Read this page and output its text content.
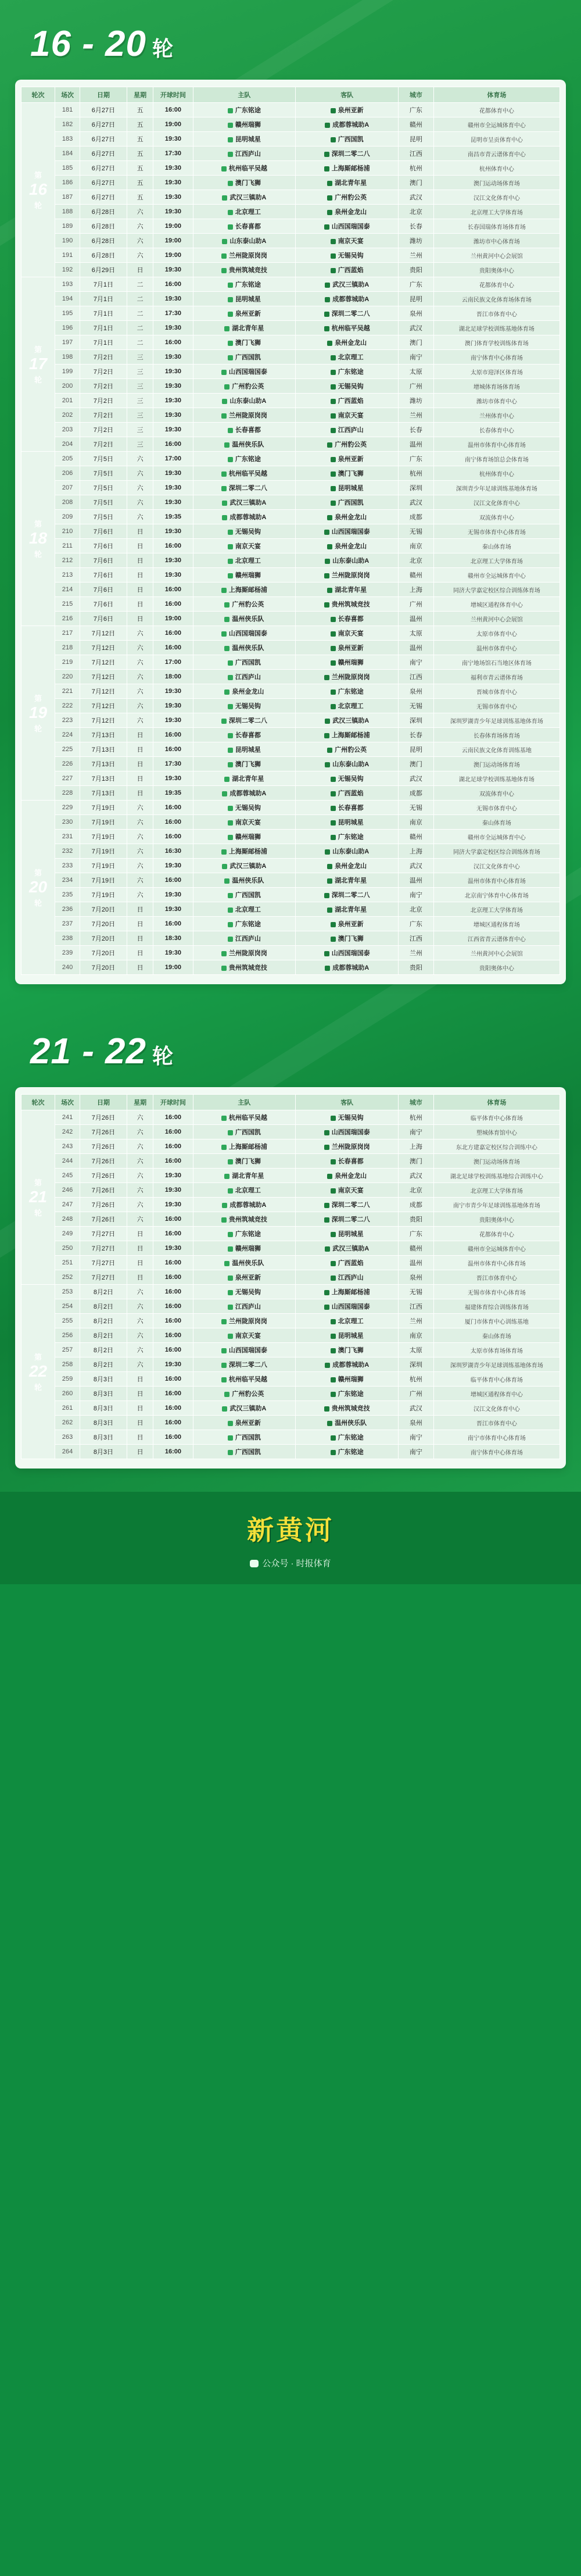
16 - 20 轮
轮次	场次	日期	星期	开球时间	主队	客队	城市	体育场
第
16
轮	181	6月27日	五	16:00	广东铭途	泉州亚新	广东	花都体育中心
	182	6月27日	五	19:00	赣州瑞狮	成都蓉城助A	赣州	赣州市全运城体育中心
	183	6月27日	五	19:30	昆明城星	广西国凯	昆明	昆明市呈贡体育中心
	184	6月27日	五	17:30	江西庐山	深圳二零二八	江西	南昌市青云谱体育中心
	185	6月27日	五	19:30	杭州临平吴越	上海厮邮杨浦	杭州	杭州体育中心
	186	6月27日	五	19:30	澳门飞狮	湖北青年星	澳门	澳门运动场体育场
	187	6月27日	五	19:30	武汉三镇助A	广州豹公英	武汉	汉江文化体育中心
	188	6月28日	六	19:30	北京理工	泉州金龙山	北京	北京理工大学体育场
	189	6月28日	六	19:00	长春喜都	山西国瑞国泰	长春	长春国瑞体育场体育场
	190	6月28日	六	19:00	山东泰山助A	南京天宴	潍坊	潍坊市中心体育场
	191	6月28日	六	19:00	兰州陇原岗岗	无锡吴钩	兰州	兰州黄河中心会展馆
	192	6月29日	日	19:30	贵州筑城竞技	广西蓝焰	贵阳	贵阳奥体中心
第
17
轮	193	7月1日	二	16:00	广东铭途	武汉三镇助A	广东	花都体育中心
	194	7月1日	二	19:30	昆明城星	成都蓉城助A	昆明	云南民族文化体育场体育场
	195	7月1日	二	17:30	泉州亚新	深圳二零二八	泉州	晋江市体育中心
	196	7月1日	二	19:30	湖北青年星	杭州临平吴越	武汉	湖北足球学校训练基地体育场
	197	7月1日	二	16:00	澳门飞狮	泉州金龙山	澳门	澳门体育学校训练体育场
	198	7月2日	三	19:30	广西国凯	北京理工	南宁	南宁体育中心体育场
	199	7月2日	三	19:30	山西国瑞国泰	广东铭途	太原	太原市迎泽区体育场
	200	7月2日	三	19:30	广州豹公英	无锡吴钩	广州	增城体育场体育场
	201	7月2日	三	19:30	山东泰山助A	广西蓝焰	潍坊	潍坊市体育中心
	202	7月2日	三	19:30	兰州陇原岗岗	南京天宴	兰州	兰州体育中心
	203	7月2日	三	19:30	长春喜都	江西庐山	长春	长春体育中心
	204	7月2日	三	16:00	温州侠乐队	广州豹公英	温州	温州市体育中心体育场
第
18
轮	205	7月5日	六	17:00	广东铭途	泉州亚新	广东	南宁体育场馆总会体育场
	206	7月5日	六	19:30	杭州临平吴越	澳门飞狮	杭州	杭州体育中心
	207	7月5日	六	19:30	深圳二零二八	昆明城星	深圳	深圳青少年足球训练基地体育场
	208	7月5日	六	19:30	武汉三镇助A	广西国凯	武汉	汉江文化体育中心
	209	7月5日	六	19:35	成都蓉城助A	泉州金龙山	成都	双流体育中心
	210	7月6日	日	19:30	无锡吴钩	山西国瑞国泰	无锡	无锡市体育中心体育场
	211	7月6日	日	16:00	南京天宴	泉州金龙山	南京	秦山体育场
	212	7月6日	日	19:30	北京理工	山东泰山助A	北京	北京理工大学体育场
	213	7月6日	日	19:30	赣州瑞狮	兰州陇原岗岗	赣州	赣州市全运城体育中心
	214	7月6日	日	16:00	上海厮邮杨浦	湖北青年星	上海	同济大学嘉定校区综合训练体育场
	215	7月6日	日	16:00	广州豹公英	贵州筑城竞技	广州	增城区通程体育中心
	216	7月6日	日	19:00	温州侠乐队	长春喜都	温州	兰州黄河中心会展馆
第
19
轮	217	7月12日	六	16:00	山西国瑞国泰	南京天宴	太原	太原市体育中心
	218	7月12日	六	16:00	温州侠乐队	泉州亚新	温州	温州市体育中心
	219	7月12日	六	17:00	广西国凯	赣州瑞狮	南宁	南宁地场馆石当地区体育场
	220	7月12日	六	18:00	江西庐山	兰州陇原岗岗	江西	福利市青云谱体育场
	221	7月12日	六	19:30	泉州金龙山	广东铭途	泉州	晋城市体育中心
	222	7月12日	六	19:30	无锡吴钩	北京理工	无锡	无锡市体育中心
	223	7月12日	六	19:30	深圳二零二八	武汉三镇助A	深圳	深圳罗湖青少年足球训练基地体育场
	224	7月13日	日	16:00	长春喜都	上海厮邮杨浦	长春	长春体育场体育场
	225	7月13日	日	16:00	昆明城星	广州豹公英	昆明	云南民族文化体育训练基地
	226	7月13日	日	17:30	澳门飞狮	山东泰山助A	澳门	澳门运动场体育场
	227	7月13日	日	19:30	湖北青年星	无锡吴钩	武汉	湖北足球学校训练基地体育场
	228	7月13日	日	19:35	成都蓉城助A	广西蓝焰	成都	双流体育中心
第
20
轮	229	7月19日	六	16:00	无锡吴钩	长春喜都	无锡	无锡市体育中心
	230	7月19日	六	16:00	南京天宴	昆明城星	南京	秦山体育场
	231	7月19日	六	16:00	赣州瑞狮	广东铭途	赣州	赣州市全运城体育中心
	232	7月19日	六	16:30	上海厮邮杨浦	山东泰山助A	上海	同济大学嘉定校区综合训练体育场
	233	7月19日	六	19:30	武汉三镇助A	泉州金龙山	武汉	汉江文化体育中心
	234	7月19日	六	16:00	温州侠乐队	湖北青年星	温州	温州市体育中心体育场
	235	7月19日	六	19:30	广西国凯	深圳二零二八	南宁	北京南宁体育中心体育场
	236	7月20日	日	19:30	北京理工	湖北青年星	北京	北京理工大学体育场
	237	7月20日	日	16:00	广东铭途	泉州亚新	广东	增城区通程体育场
	238	7月20日	日	18:30	江西庐山	澳门飞狮	江西	江西省青云谱体育中心
	239	7月20日	日	19:30	兰州陇原岗岗	山西国瑞国泰	兰州	兰州黄河中心会展馆
	240	7月20日	日	19:00	贵州筑城竞技	成都蓉城助A	贵阳	贵阳奥体中心
21 - 22 轮
轮次	场次	日期	星期	开球时间	主队	客队	城市	体育场
第
21
轮	241	7月26日	六	16:00	杭州临平吴越	无锡吴钩	杭州	临平体育中心体育场
	242	7月26日	六	16:00	广西国凯	山西国瑞国泰	南宁	塑城体育馆中心
	243	7月26日	六	16:00	上海厮邮杨浦	兰州陇原岗岗	上海	东北方建嘉定校区综合训练中心
	244	7月26日	六	16:00	澳门飞狮	长春喜都	澳门	澳门运动场体育场
	245	7月26日	六	19:30	湖北青年星	泉州金龙山	武汉	湖北足球学校训练基地综合训练中心
	246	7月26日	六	19:30	北京理工	南京天宴	北京	北京理工大学体育场
	247	7月26日	六	19:30	成都蓉城助A	深圳二零二八	成都	南宁市青少年足球训练基地体育场
	248	7月26日	六	16:00	贵州筑城竞技	深圳二零二八	贵阳	贵阳奥体中心
	249	7月27日	日	16:00	广东铭途	昆明城星	广东	花都体育中心
	250	7月27日	日	19:30	赣州瑞狮	武汉三镇助A	赣州	赣州市全运城体育中心
	251	7月27日	日	16:00	温州侠乐队	广西蓝焰	温州	温州市体育中心体育场
	252	7月27日	日	16:00	泉州亚新	江西庐山	泉州	晋江市体育中心
第
22
轮	253	8月2日	六	16:00	无锡吴钩	上海厮邮杨浦	无锡	无锡市体育中心体育场
	254	8月2日	六	16:00	江西庐山	山西国瑞国泰	江西	福建体育综合训练体育场
	255	8月2日	六	16:00	兰州陇原岗岗	北京理工	兰州	厦门市体育中心训练基地
	256	8月2日	六	16:00	南京天宴	昆明城星	南京	秦山体育场
	257	8月2日	六	16:00	山西国瑞国泰	澳门飞狮	太原	太原市体育场体育场
	258	8月2日	六	19:30	深圳二零二八	成都蓉城助A	深圳	深圳罗湖青少年足球训练基地体育场
	259	8月3日	日	16:00	杭州临平吴越	赣州瑞狮	杭州	临平体育中心体育场
	260	8月3日	日	16:00	广州豹公英	广东铭途	广州	增城区通程体育中心
	261	8月3日	日	16:00	武汉三镇助A	贵州筑城竞技	武汉	汉江文化体育中心
	262	8月3日	日	16:00	泉州亚新	温州侠乐队	泉州	晋江市体育中心
	263	8月3日	日	16:00	广西国凯	广东铭途	南宁	南宁市体育中心体育场
	264	8月3日	日	16:00	广西国凯	广东铭途	南宁	南宁体育中心体育场
新黄河
公众号 · 时报体育
